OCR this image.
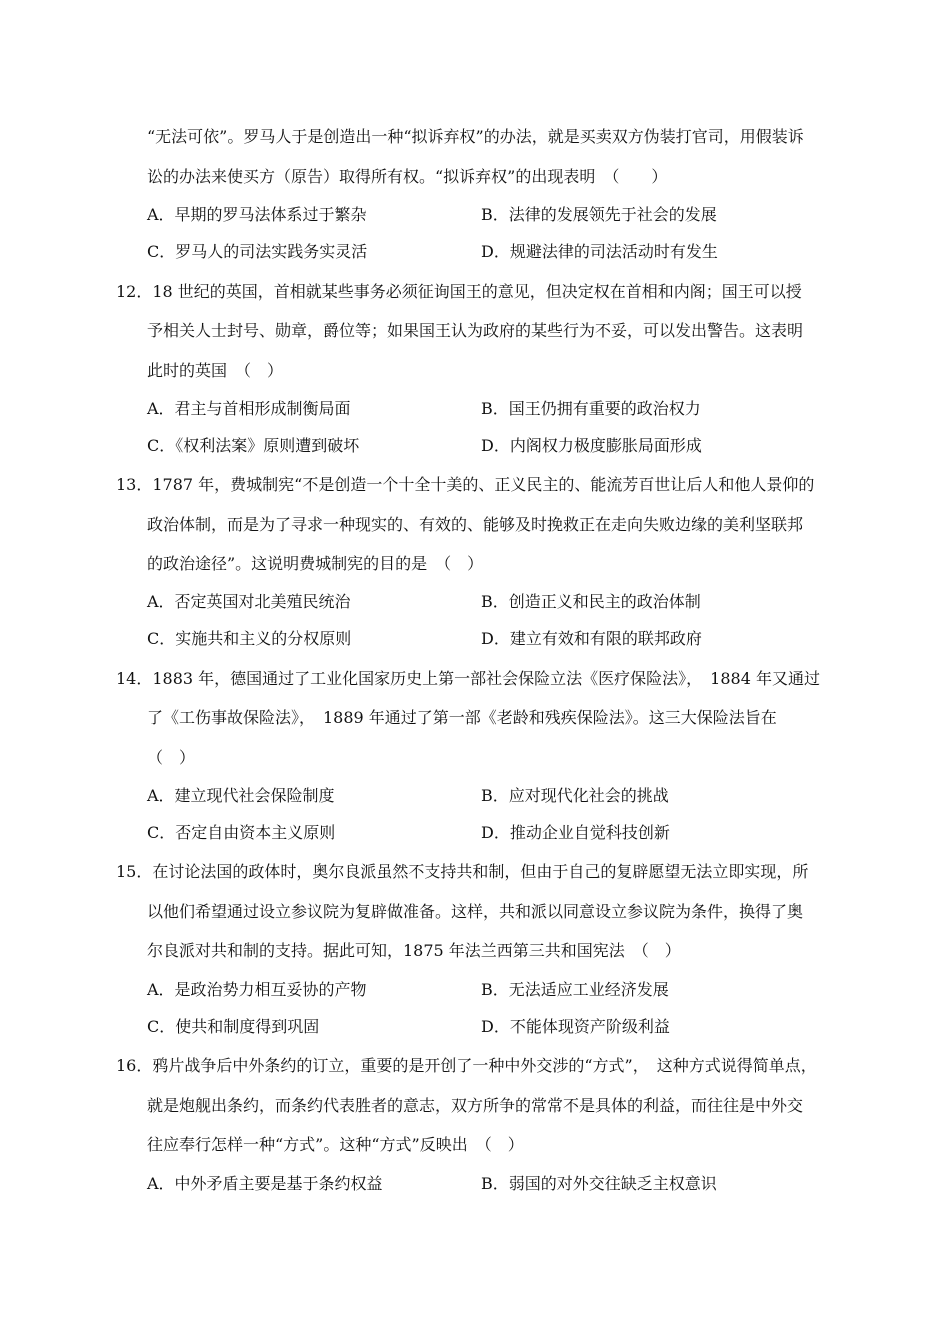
“无法可依”。罗马人于是创造出一种“拟诉弃权”的办法，就是买卖双方伪装打官司，用假装诉
讼的办法来使买方（原告）取得所有权。“拟诉弃权”的出现表明　（　　）
A．早期的罗马法体系过于繁杂	B．法律的发展领先于社会的发展
C．罗马人的司法实践务实灵活	D．规避法律的司法活动时有发生
12．18 世纪的英国，首相就某些事务必须征询国王的意见，但决定权在首相和内阁；国王可以授
予相关人士封号、勋章，爵位等；如果国王认为政府的某些行为不妥，可以发出警告。这表明
此时的英国　（　）
A．君主与首相形成制衡局面	B．国王仍拥有重要的政治权力
C．《权利法案》原则遭到破坏	D．内阁权力极度膨胀局面形成
13．1787 年，费城制宪“不是创造一个十全十美的、正义民主的、能流芳百世让后人和他人景仰的
政治体制，而是为了寻求一种现实的、有效的、能够及时挽救正在走向失败边缘的美利坚联邦
的政治途径”。这说明费城制宪的目的是　（　）
A．否定英国对北美殖民统治	B．创造正义和民主的政治体制
C．实施共和主义的分权原则	D．建立有效和有限的联邦政府
14．1883 年，德国通过了工业化国家历史上第一部社会保险立法《医疗保险法》，　1884 年又通过
了《工伤事故保险法》，　1889 年通过了第一部《老龄和残疾保险法》。这三大保险法旨在
（　）
A．建立现代社会保险制度	B．应对现代化社会的挑战
C．否定自由资本主义原则	D．推动企业自觉科技创新
15．在讨论法国的政体时，奥尔良派虽然不支持共和制，但由于自己的复辟愿望无法立即实现，所
以他们希望通过设立参议院为复辟做准备。这样，共和派以同意设立参议院为条件，换得了奥
尔良派对共和制的支持。据此可知，1875 年法兰西第三共和国宪法　（　）
A．是政治势力相互妥协的产物	B．无法适应工业经济发展
C．使共和制度得到巩固	D．不能体现资产阶级利益
16．鸦片战争后中外条约的订立，重要的是开创了一种中外交涉的“方式”，　这种方式说得简单点，
就是炮舰出条约，而条约代表胜者的意志，双方所争的常常不是具体的利益，而往往是中外交
往应奉行怎样一种“方式”。这种“方式”反映出　（　）
A．中外矛盾主要是基于条约权益	B．弱国的对外交往缺乏主权意识
